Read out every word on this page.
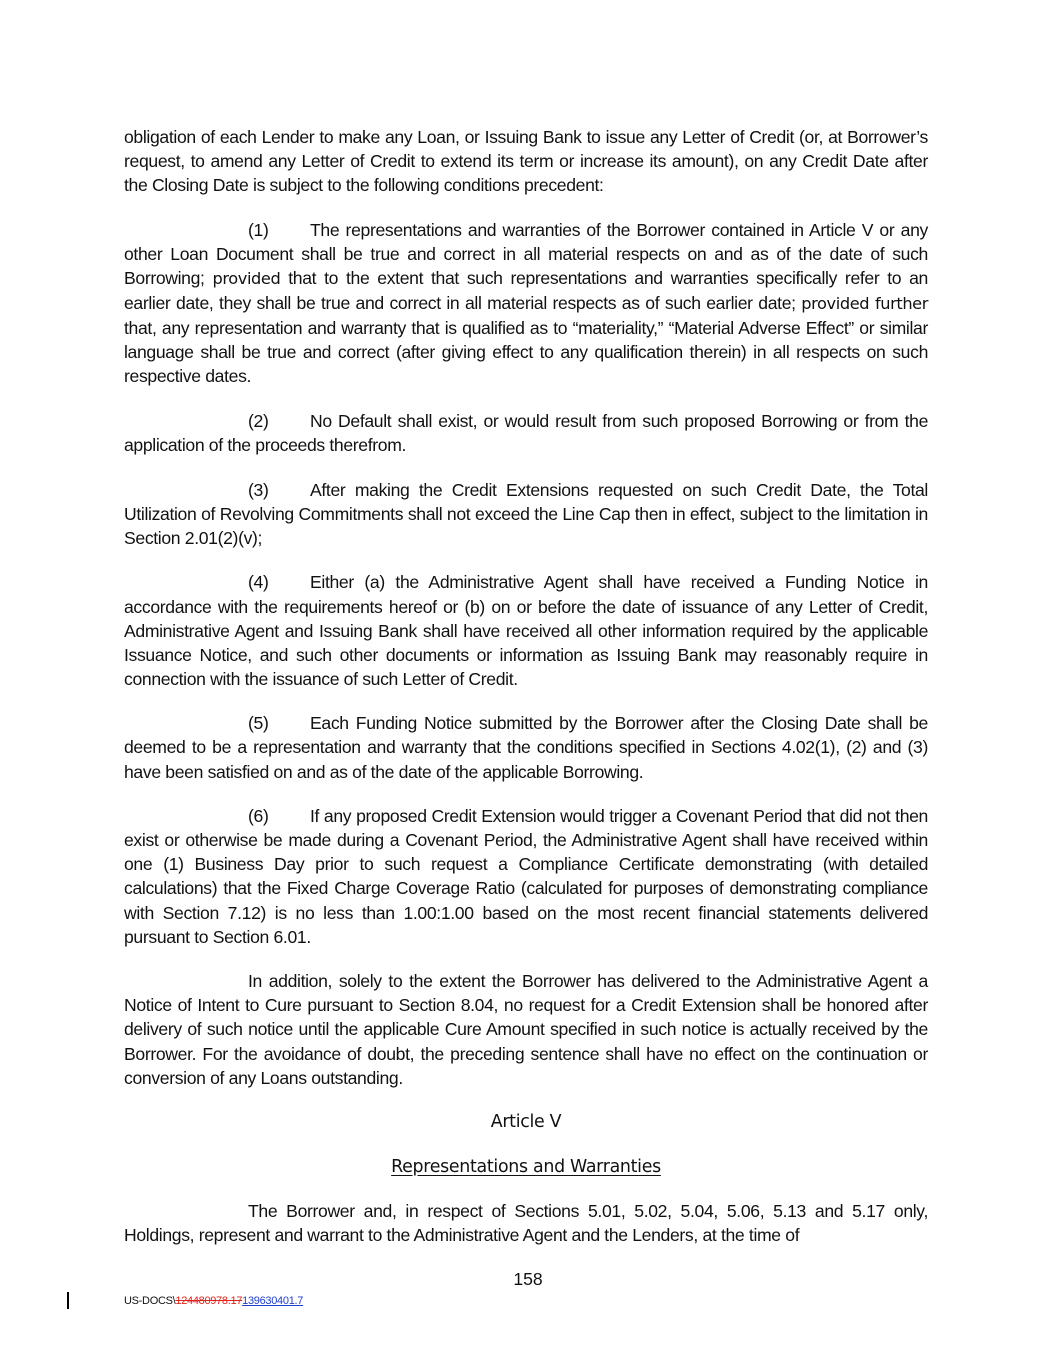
obligation of each Lender to make any Loan, or Issuing Bank to issue any Letter of Credit (or, at Borrower’s request, to amend any Letter of Credit to extend its term or increase its amount), on any Credit Date after the Closing Date is subject to the following conditions precedent:

(1) The representations and warranties of the Borrower contained in Article V or any other Loan Document shall be true and correct in all material respects on and as of the date of such Borrowing; provided that to the extent that such representations and warranties specifically refer to an earlier date, they shall be true and correct in all material respects as of such earlier date; provided further that, any representation and warranty that is qualified as to “materiality,” “Material Adverse Effect” or similar language shall be true and correct (after giving effect to any qualification therein) in all respects on such respective dates.

(2) No Default shall exist, or would result from such proposed Borrowing or from the application of the proceeds therefrom.

(3) After making the Credit Extensions requested on such Credit Date, the Total Utilization of Revolving Commitments shall not exceed the Line Cap then in effect, subject to the limitation in Section 2.01(2)(v);

(4) Either (a) the Administrative Agent shall have received a Funding Notice in accordance with the requirements hereof or (b) on or before the date of issuance of any Letter of Credit, Administrative Agent and Issuing Bank shall have received all other information required by the applicable Issuance Notice, and such other documents or information as Issuing Bank may reasonably require in connection with the issuance of such Letter of Credit.

(5) Each Funding Notice submitted by the Borrower after the Closing Date shall be deemed to be a representation and warranty that the conditions specified in Sections 4.02(1), (2) and (3) have been satisfied on and as of the date of the applicable Borrowing.

(6) If any proposed Credit Extension would trigger a Covenant Period that did not then exist or otherwise be made during a Covenant Period, the Administrative Agent shall have received within one (1) Business Day prior to such request a Compliance Certificate demonstrating (with detailed calculations) that the Fixed Charge Coverage Ratio (calculated for purposes of demonstrating compliance with Section 7.12) is no less than 1.00:1.00 based on the most recent financial statements delivered pursuant to Section 6.01.

In addition, solely to the extent the Borrower has delivered to the Administrative Agent a Notice of Intent to Cure pursuant to Section 8.04, no request for a Credit Extension shall be honored after delivery of such notice until the applicable Cure Amount specified in such notice is actually received by the Borrower. For the avoidance of doubt, the preceding sentence shall have no effect on the continuation or conversion of any Loans outstanding.

Article V
Representations and Warranties

The Borrower and, in respect of Sections 5.01, 5.02, 5.04, 5.06, 5.13 and 5.17 only, Holdings, represent and warrant to the Administrative Agent and the Lenders, at the time of

158
US-DOCS\124480978.17139630401.7
